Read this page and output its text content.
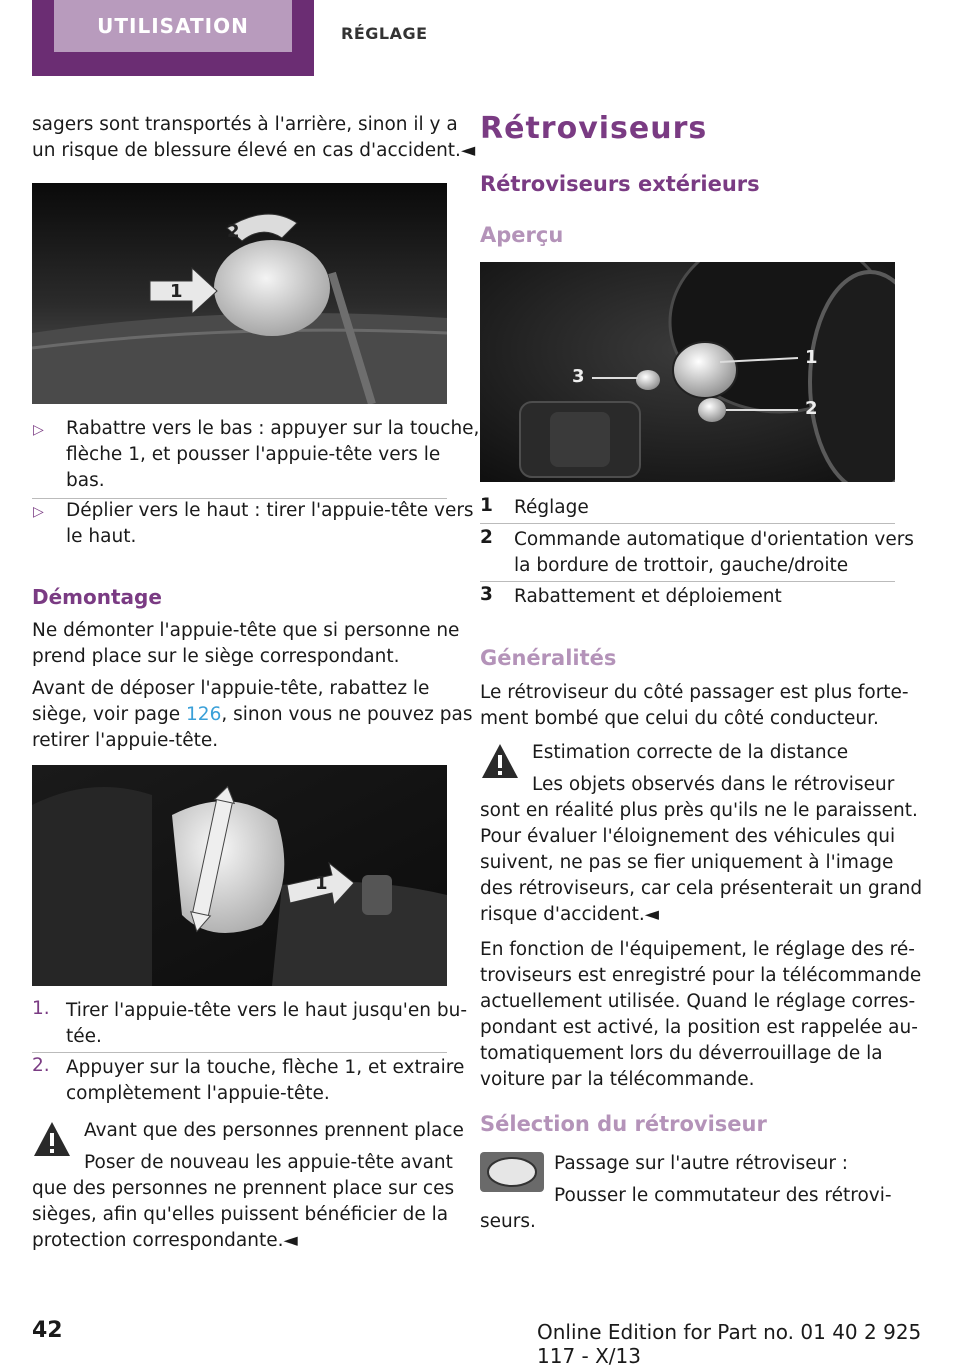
UTILISATION	RÉGLAGE
sagers sont transportés à l'arrière, sinon il y a
un risque de blessure élevé en cas d'accident.◄
1
2
▷ Rabattre vers le bas : appuyer sur la touche,
flèche 1, et pousser l'appuie-tête vers le
bas.
▷ Déplier vers le haut : tirer l'appuie-tête vers
le haut.
Démontage
Ne démonter l'appuie-tête que si personne ne
prend place sur le siège correspondant.
Avant de déposer l'appuie-tête, rabattez le
siège, voir page 126, sinon vous ne pouvez pas
retirer l'appuie-tête.
1
1. Tirer l'appuie-tête vers le haut jusqu'en bu-
tée.
2. Appuyer sur la touche, flèche 1, et extraire
complètement l'appuie-tête.
Avant que des personnes prennent place
Poser de nouveau les appuie-tête avant
que des personnes ne prennent place sur ces
sièges, afin qu'elles puissent bénéficier de la
protection correspondante.◄
Rétroviseurs
Rétroviseurs extérieurs
Aperçu
1
2
3
1 Réglage
2 Commande automatique d'orientation vers
la bordure de trottoir, gauche/droite
3 Rabattement et déploiement
Généralités
Le rétroviseur du côté passager est plus forte-
ment bombé que celui du côté conducteur.
Estimation correcte de la distance
Les objets observés dans le rétroviseur
sont en réalité plus près qu'ils ne le paraissent.
Pour évaluer l'éloignement des véhicules qui
suivent, ne pas se fier uniquement à l'image
des rétroviseurs, car cela présenterait un grand
risque d'accident.◄
En fonction de l'équipement, le réglage des ré-
troviseurs est enregistré pour la télécommande
actuellement utilisée. Quand le réglage corres-
pondant est activé, la position est rappelée au-
tomatiquement lors du déverrouillage de la
voiture par la télécommande.
Sélection du rétroviseur
Passage sur l'autre rétroviseur :
Pousser le commutateur des rétrovi-
seurs.
42	Online Edition for Part no. 01 40 2 925 117 - X/13
